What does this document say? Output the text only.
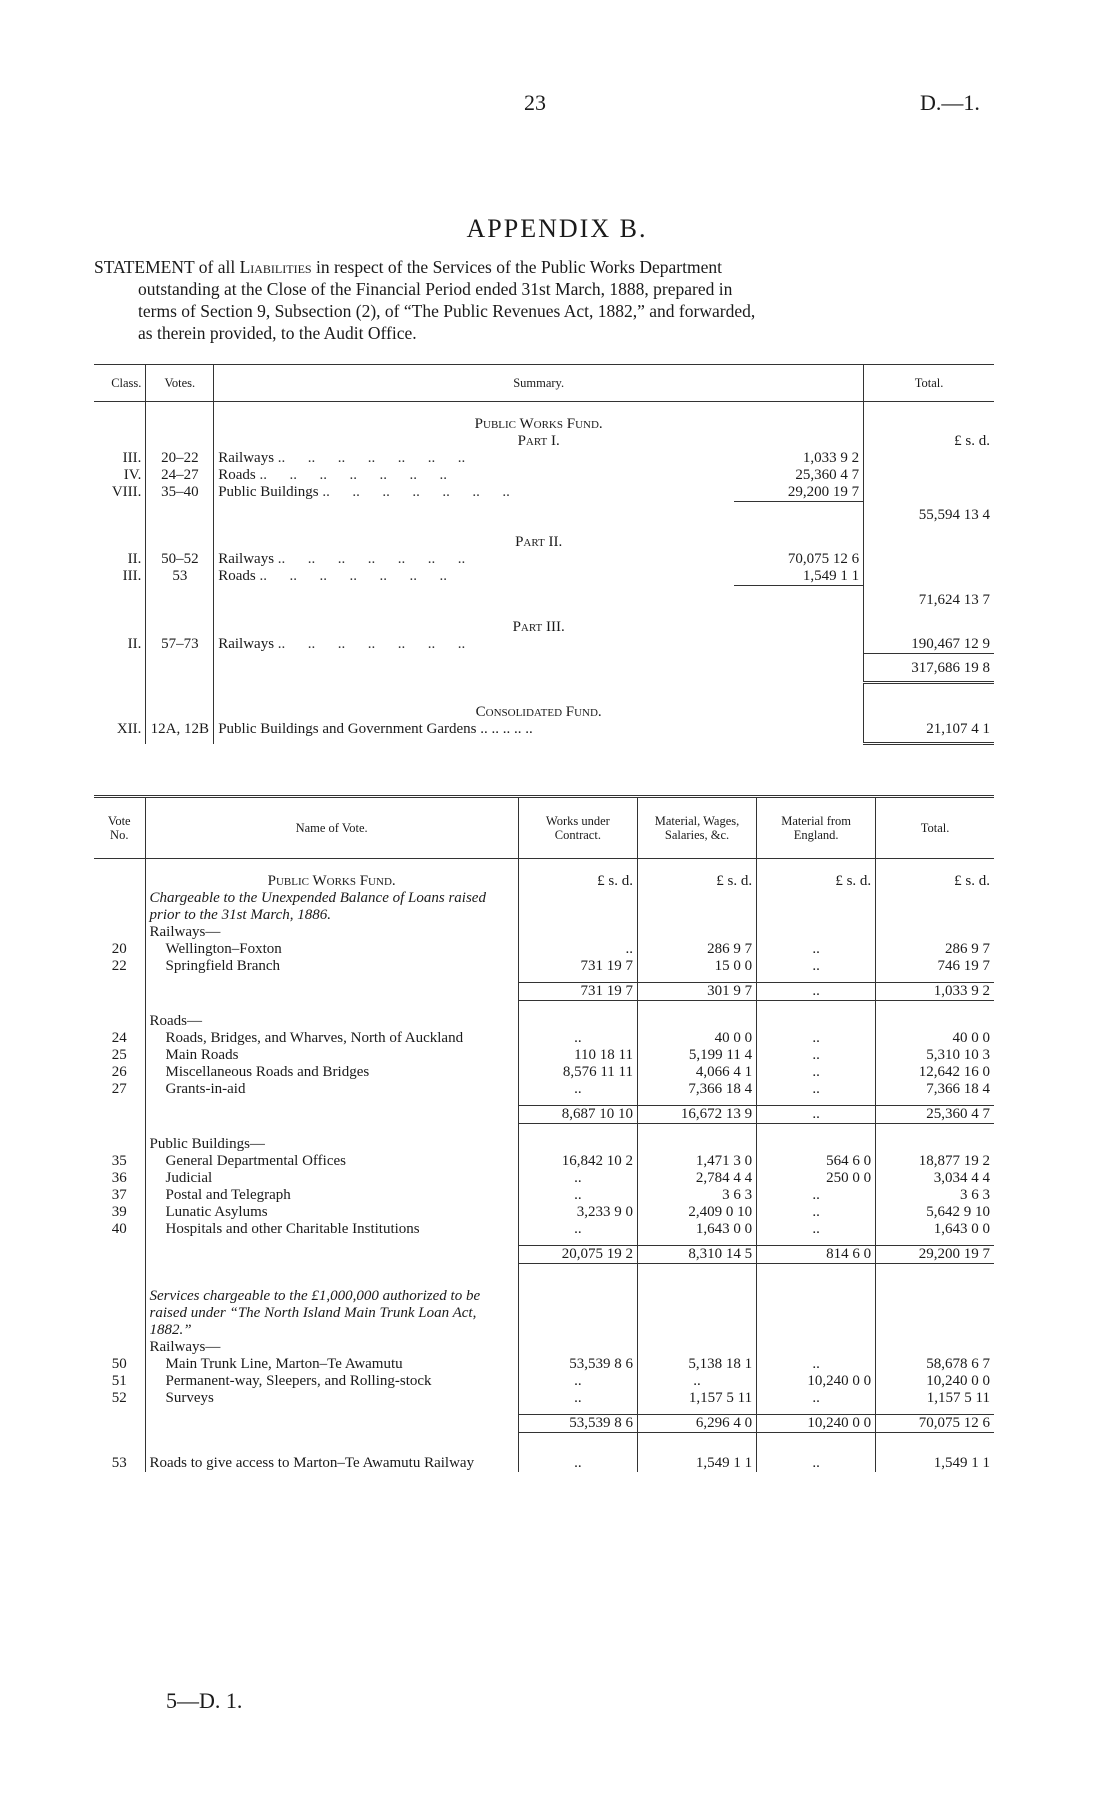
23	D.—1.
APPENDIX B.
STATEMENT of all Liabilities in respect of the Services of the Public Works Department
outstanding at the Close of the Financial Period ended 31st March, 1888, prepared in
terms of Section 9, Subsection (2), of “The Public Revenues Act, 1882,” and forwarded,
as therein provided, to the Audit Office.
Class.	Votes.	Summary.		Total.

		Public Works Fund.		
		Part I.		£ s. d.
III.	20–22	Railways ..	1,033 9 2	
IV.	24–27	Roads ..	25,360 4 7	
VIII.	35–40	Public Buildings ..	29,200 19 7	
				55,594 13 4

		Part II.		
II.	50–52	Railways ..	70,075 12 6	
III.	53	Roads ..	1,549 1 1	
				71,624 13 7

		Part III.		
II.	57–73	Railways ..		190,467 12 9
				317,686 19 8

		Consolidated Fund.		
XII.	12A, 12B	Public Buildings and Government Gardens .. .. .. .. ..		21,107 4 1
Vote No.	Name of Vote.	Works under Contract.	Material, Wages, Salaries, &c.	Material from England.	Total.

	Public Works Fund.	£ s. d.	£ s. d.	£ s. d.	£ s. d.
	Chargeable to the Unexpended Balance of Loans raised prior to the 31st March, 1886.				
	Railways—				
20	Wellington–Foxton	..	286 9 7	..	286 9 7
22	Springfield Branch	731 19 7	15 0 0	..	746 19 7

		731 19 7	301 9 7	..	1,033 9 2

	Roads—				
24	Roads, Bridges, and Wharves, North of Auckland	..	40 0 0	..	40 0 0
25	Main Roads	110 18 11	5,199 11 4	..	5,310 10 3
26	Miscellaneous Roads and Bridges	8,576 11 11	4,066 4 1	..	12,642 16 0
27	Grants-in-aid	..	7,366 18 4	..	7,366 18 4

		8,687 10 10	16,672 13 9	..	25,360 4 7

	Public Buildings—				
35	General Departmental Offices	16,842 10 2	1,471 3 0	564 6 0	18,877 19 2
36	Judicial	..	2,784 4 4	250 0 0	3,034 4 4
37	Postal and Telegraph	..	3 6 3	..	3 6 3
39	Lunatic Asylums	3,233 9 0	2,409 0 10	..	5,642 9 10
40	Hospitals and other Charitable Institutions	..	1,643 0 0	..	1,643 0 0

		20,075 19 2	8,310 14 5	814 6 0	29,200 19 7

	Services chargeable to the £1,000,000 authorized to be raised under “The North Island Main Trunk Loan Act, 1882.”				
	Railways—				
50	Main Trunk Line, Marton–Te Awamutu	53,539 8 6	5,138 18 1	..	58,678 6 7
51	Permanent-way, Sleepers, and Rolling-stock	..	..	10,240 0 0	10,240 0 0
52	Surveys	..	1,157 5 11	..	1,157 5 11

		53,539 8 6	6,296 4 0	10,240 0 0	70,075 12 6

53	Roads to give access to Marton–Te Awamutu Railway	..	1,549 1 1	..	1,549 1 1
5—D. 1.
